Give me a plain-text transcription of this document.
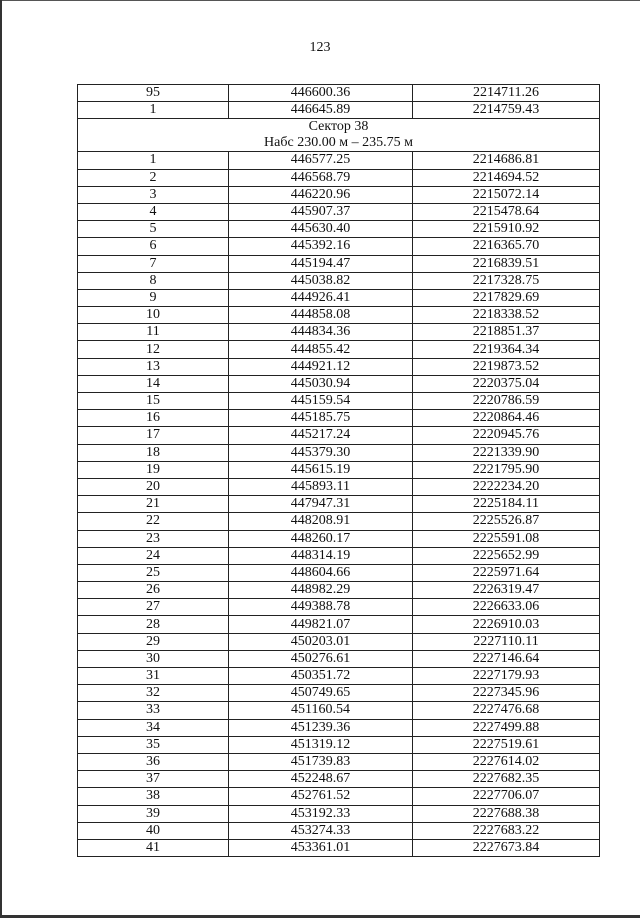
123
95	446600.36	2214711.26
1	446645.89	2214759.43

Сектор 38
Набс 230.00 м – 235.75 м		

1	446577.25	2214686.81
2	446568.79	2214694.52
3	446220.96	2215072.14
4	445907.37	2215478.64
5	445630.40	2215910.92
6	445392.16	2216365.70
7	445194.47	2216839.51
8	445038.82	2217328.75
9	444926.41	2217829.69
10	444858.08	2218338.52
11	444834.36	2218851.37
12	444855.42	2219364.34
13	444921.12	2219873.52
14	445030.94	2220375.04
15	445159.54	2220786.59
16	445185.75	2220864.46
17	445217.24	2220945.76
18	445379.30	2221339.90
19	445615.19	2221795.90
20	445893.11	2222234.20
21	447947.31	2225184.11
22	448208.91	2225526.87
23	448260.17	2225591.08
24	448314.19	2225652.99
25	448604.66	2225971.64
26	448982.29	2226319.47
27	449388.78	2226633.06
28	449821.07	2226910.03
29	450203.01	2227110.11
30	450276.61	2227146.64
31	450351.72	2227179.93
32	450749.65	2227345.96
33	451160.54	2227476.68
34	451239.36	2227499.88
35	451319.12	2227519.61
36	451739.83	2227614.02
37	452248.67	2227682.35
38	452761.52	2227706.07
39	453192.33	2227688.38
40	453274.33	2227683.22
41	453361.01	2227673.84
